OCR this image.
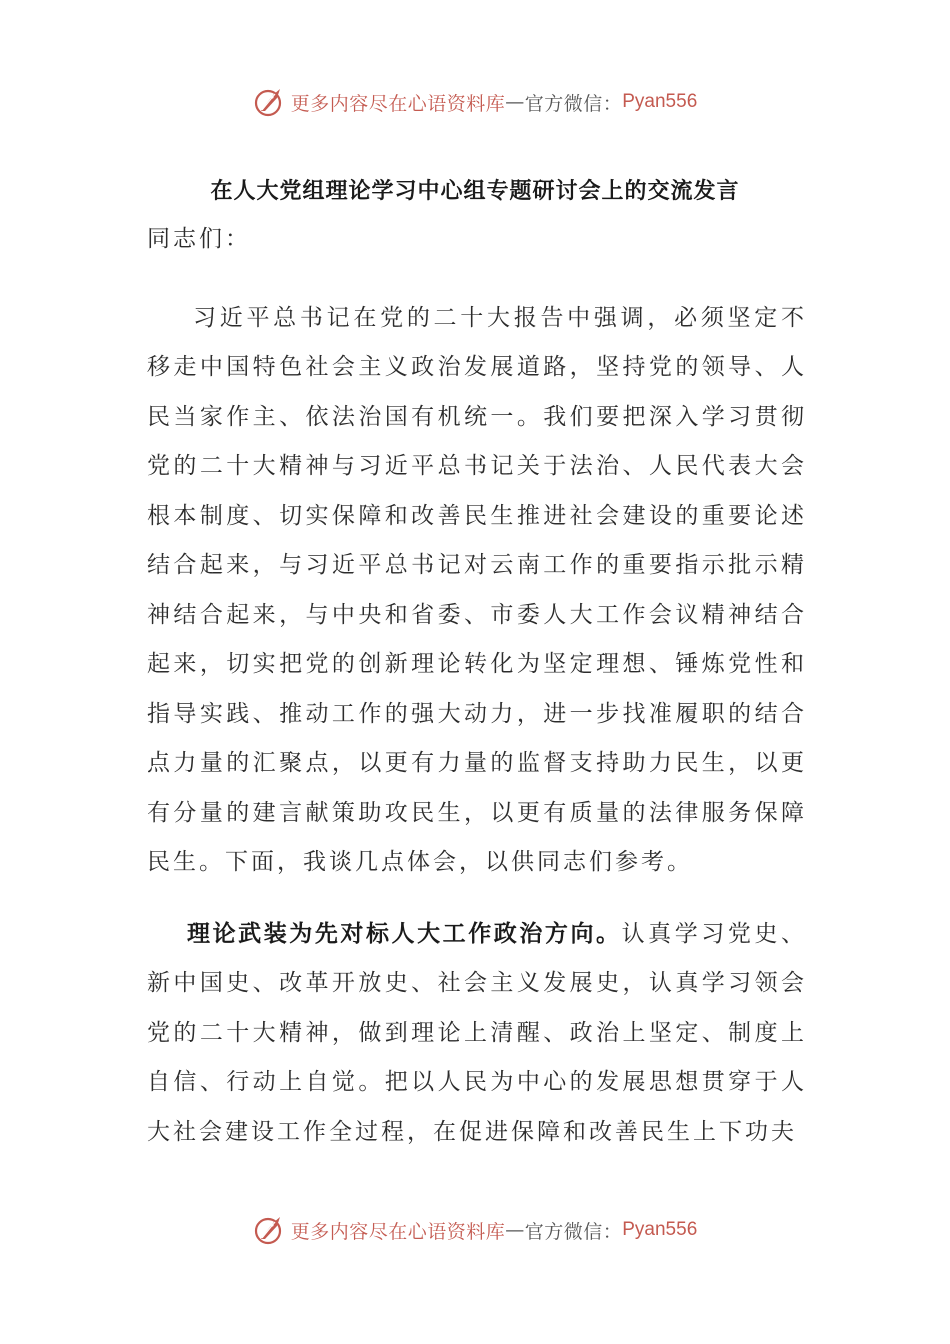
更多内容尽在心语资料库 — 官方微信： Pyan556
在人大党组理论学习中心组专题研讨会上的交流发言

同志们：

习近平总书记在党的二十大报告中强调，必须坚定不移走中国特色社会主义政治发展道路，坚持党的领导、人民当家作主、依法治国有机统一。我们要把深入学习贯彻党的二十大精神与习近平总书记关于法治、人民代表大会根本制度、切实保障和改善民生推进社会建设的重要论述结合起来，与习近平总书记对云南工作的重要指示批示精神结合起来，与中央和省委、市委人大工作会议精神结合起来，切实把党的创新理论转化为坚定理想、锤炼党性和指导实践、推动工作的强大动力，进一步找准履职的结合点力量的汇聚点，以更有力量的监督支持助力民生，以更有分量的建言献策助攻民生，以更有质量的法律服务保障民生。下面，我谈几点体会，以供同志们参考。

理论武装为先对标人大工作政治方向。认真学习党史、新中国史、改革开放史、社会主义发展史，认真学习领会党的二十大精神，做到理论上清醒、政治上坚定、制度上自信、行动上自觉。把以人民为中心的发展思想贯穿于人大社会建设工作全过程，在促进保障和改善民生上下功夫

更多内容尽在心语资料库 — 官方微信： Pyan556
